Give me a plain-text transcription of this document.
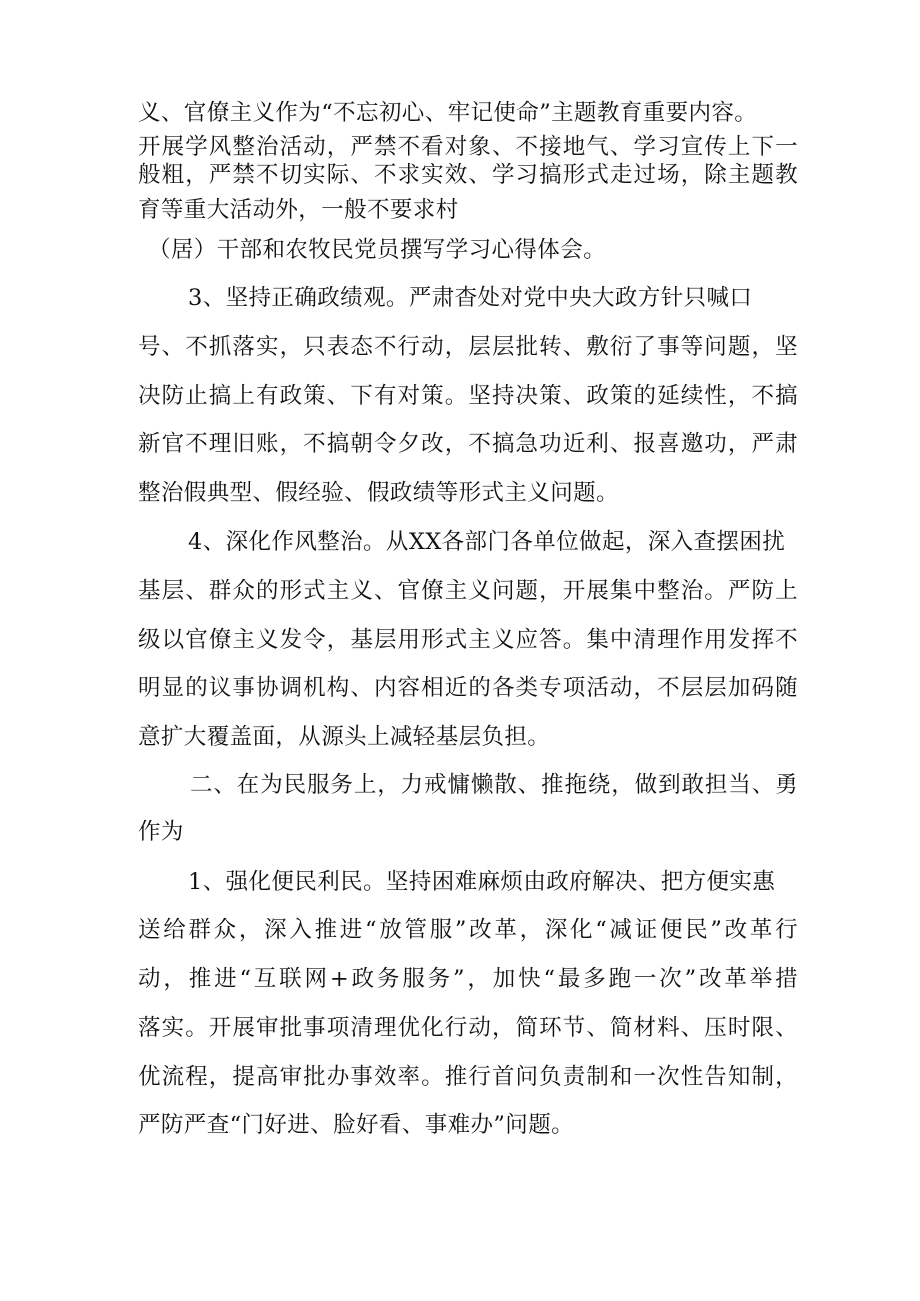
义、官僚主义作为“不忘初心、牢记使命”主题教育重要内容。
开展学风整治活动，严禁不看对象、不接地气、学习宣传上下一
般粗，严禁不切实际、不求实效、学习搞形式走过场，除主题教
育等重大活动外，一般不要求村
（居）干部和农牧民党员撰写学习心得体会。
3、坚持正确政绩观。严肃杳处对党中央大政方针只喊口
号、不抓落实，只表态不行动，层层批转、敷衍了事等问题，坚
决防止搞上有政策、下有对策。坚持决策、政策的延续性，不搞
新官不理旧账，不搞朝令夕改，不搞急功近利、报喜邀功，严肃
整治假典型、假经验、假政绩等形式主义问题。
4、深化作风整治。从XX各部门各单位做起，深入查摆困扰
基层、群众的形式主义、官僚主义问题，开展集中整治。严防上
级以官僚主义发令，基层用形式主义应答。集中清理作用发挥不
明显的议事协调机构、内容相近的各类专项活动，不层层加码随
意扩大覆盖面，从源头上减轻基层负担。
二、在为民服务上，力戒慵懒散、推拖绕，做到敢担当、勇
作为
1、强化便民利民。坚持困难麻烦由政府解决、把方便实惠
送给群众，深入推进“放管服”改革，深化“减证便民”改革行
动，推进“互联网+政务服务”，加快“最多跑一次”改革举措
落实。开展审批事项清理优化行动，简环节、简材料、压时限、
优流程，提高审批办事效率。推行首问负责制和一次性告知制，
严防严查“门好进、脸好看、事难办”问题。
